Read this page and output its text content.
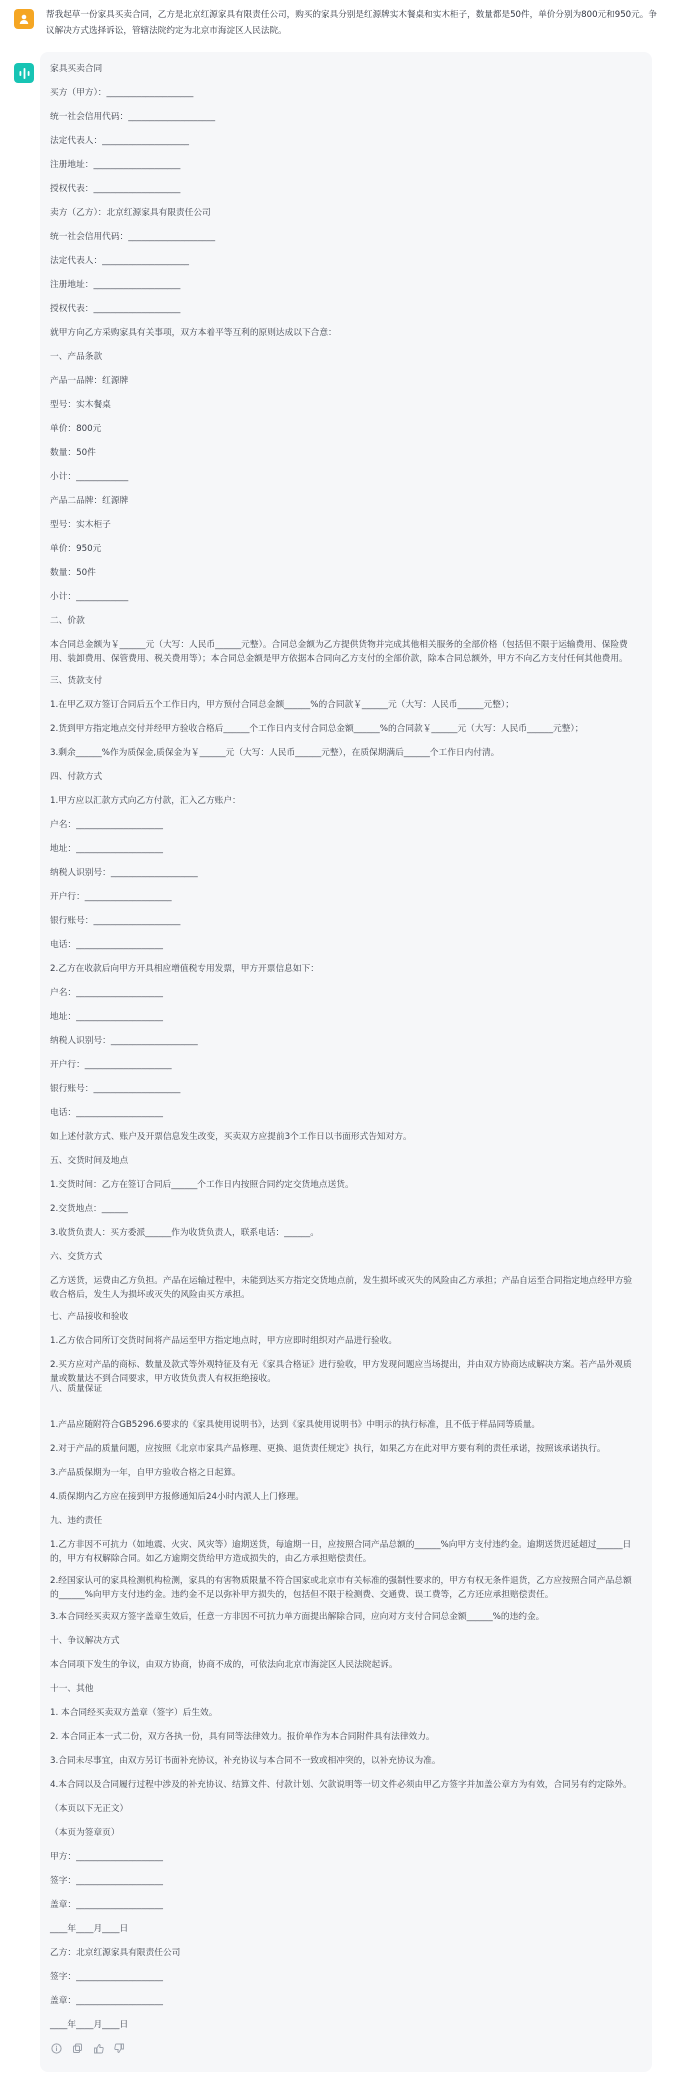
帮我起草一份家具买卖合同，乙方是北京红源家具有限责任公司，购买的家具分别是红源牌实木餐桌和实木柜子，数量都是50件，单价分别为800元和950元。争议解决方式选择诉讼，管辖法院约定为北京市海淀区人民法院。
家具买卖合同
买方（甲方）：____________________
统一社会信用代码：____________________
法定代表人：____________________
注册地址：____________________
授权代表：____________________
卖方（乙方）：北京红源家具有限责任公司
统一社会信用代码：____________________
法定代表人：____________________
注册地址：____________________
授权代表：____________________
就甲方向乙方采购家具有关事项，双方本着平等互利的原则达成以下合意：
一、产品条款
产品一品牌：红源牌
型号：实木餐桌
单价：800元
数量：50件
小计：____________
产品二品牌：红源牌
型号：实木柜子
单价：950元
数量：50件
小计：____________
二、价款
本合同总金额为￥______元（大写：人民币______元整）。合同总金额为乙方提供货物并完成其他相关服务的全部价格（包括但不限于运输费用、保险费用、装卸费用、保管费用、税关费用等）；本合同总金额是甲方依据本合同向乙方支付的全部价款，除本合同总额外，甲方不向乙方支付任何其他费用。
三、货款支付
1.在甲乙双方签订合同后五个工作日内，甲方预付合同总金额______%的合同款￥______元（大写：人民币______元整）；
2.货到甲方指定地点交付并经甲方验收合格后______个工作日内支付合同总金额______%的合同款￥______元（大写：人民币______元整）；
3.剩余______%作为质保金,质保金为￥______元（大写：人民币______元整），在质保期满后______个工作日内付清。
四、付款方式
1.甲方应以汇款方式向乙方付款，汇入乙方账户：
户名：____________________
地址：____________________
纳税人识别号：____________________
开户行：____________________
银行账号：____________________
电话：____________________
2.乙方在收款后向甲方开具相应增值税专用发票，甲方开票信息如下：
户名：____________________
地址：____________________
纳税人识别号：____________________
开户行：____________________
银行账号：____________________
电话：____________________
如上述付款方式、账户及开票信息发生改变，买卖双方应提前3个工作日以书面形式告知对方。
五、交货时间及地点
1.交货时间：乙方在签订合同后______个工作日内按照合同约定交货地点送货。
2.交货地点：______
3.收货负责人：买方委派______作为收货负责人，联系电话：______。
六、交货方式
乙方送货，运费由乙方负担。产品在运输过程中，未能到达买方指定交货地点前，发生损坏或灭失的风险由乙方承担；产品自运至合同指定地点经甲方验收合格后，发生人为损坏或灭失的风险由买方承担。
七、产品接收和验收
1.乙方依合同所订交货时间将产品运至甲方指定地点时，甲方应即时组织对产品进行验收。
2.买方应对产品的商标、数量及款式等外观特征及有无《家具合格证》进行验收，甲方发现问题应当场提出，并由双方协商达成解决方案。若产品外观质量或数量达不到合同要求，甲方收货负责人有权拒绝接收。
八、质量保证
1.产品应随附符合GB5296.6要求的《家具使用说明书》，达到《家具使用说明书》中明示的执行标准，且不低于样品同等质量。
2.对于产品的质量问题，应按照《北京市家具产品修理、更换、退货责任规定》执行，如果乙方在此对甲方要有利的责任承诺，按照该承诺执行。
3.产品质保期为一年，自甲方验收合格之日起算。
4.质保期内乙方应在接到甲方报修通知后24小时内派人上门修理。
九、违约责任
1.乙方非因不可抗力（如地震、火灾、风灾等）逾期送货，每逾期一日，应按照合同产品总额的______%向甲方支付违约金。逾期送货迟延超过______日的，甲方有权解除合同。如乙方逾期交货给甲方造成损失的，由乙方承担赔偿责任。
2.经国家认可的家具检测机构检测，家具的有害物质限量不符合国家或北京市有关标准的强制性要求的，甲方有权无条件退货，乙方应按照合同产品总额的______%向甲方支付违约金。违约金不足以弥补甲方损失的，包括但不限于检测费、交通费、误工费等，乙方还应承担赔偿责任。
3.本合同经买卖双方签字盖章生效后，任意一方非因不可抗力单方面提出解除合同，应向对方支付合同总金额______%的违约金。
十、争议解决方式
本合同项下发生的争议，由双方协商，协商不成的，可依法向北京市海淀区人民法院起诉。
十一、其他
1. 本合同经买卖双方盖章（签字）后生效。
2. 本合同正本一式二份，双方各执一份，具有同等法律效力。报价单作为本合同附件具有法律效力。
3.合同未尽事宜，由双方另订书面补充协议，补充协议与本合同不一致或相冲突的，以补充协议为准。
4.本合同以及合同履行过程中涉及的补充协议、结算文件、付款计划、欠款说明等一切文件必须由甲乙方签字并加盖公章方为有效，合同另有约定除外。
（本页以下无正文）
（本页为签章页）
甲方：____________________
签字：____________________
盖章：____________________
____年____月____日
乙方：北京红源家具有限责任公司
签字：____________________
盖章：____________________
____年____月____日
